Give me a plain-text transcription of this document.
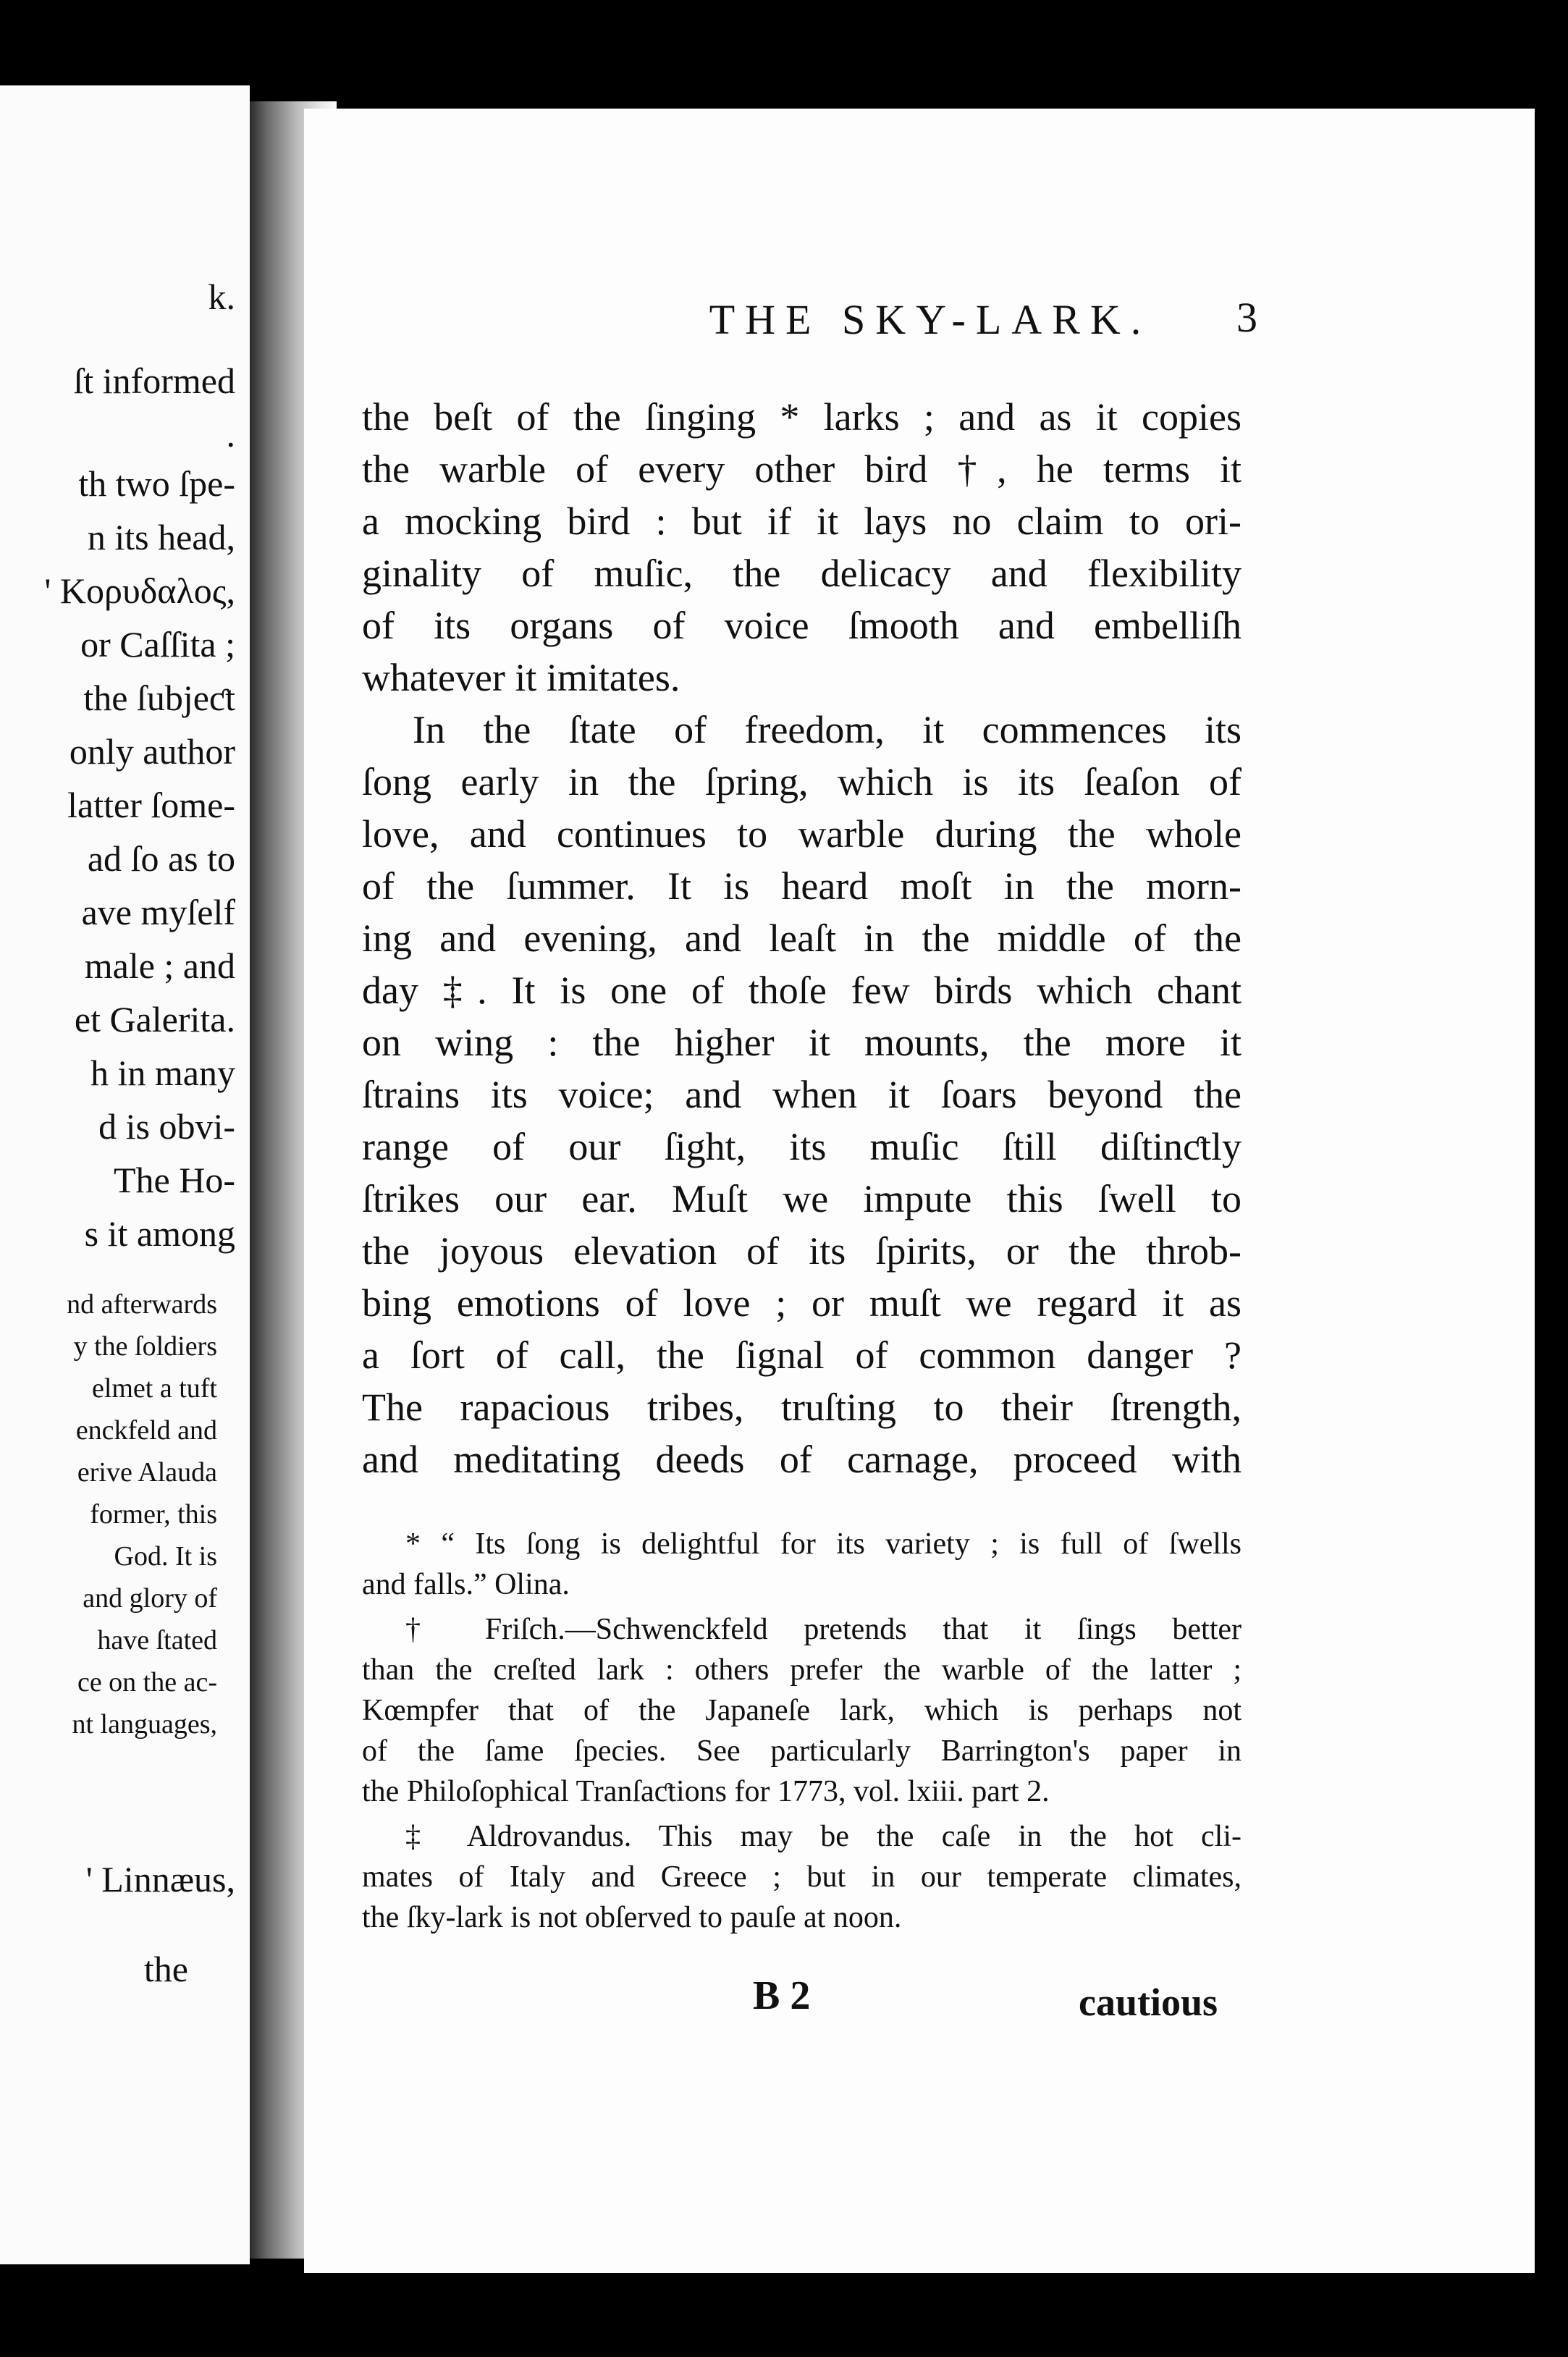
k.
ſt informed
.
th two ſpe-
n its head,
' Κορυδαλος,
or Caſſita ;
the ſubjeƈt
only author
latter ſome-
ad ſo as to
ave myſelf
male ; and
et Galerita.
h in many
d is obvi-
The Ho-
s it among
nd afterwards
y the ſoldiers
elmet a tuft
enckfeld and
erive Alauda
former, this
God. It is
and glory of
have ſtated
ce on the ac-
nt languages,
' Linnæus,
the
THE SKY-LARK.	3
the beſt of the ſinging * larks ; and as it copies
the warble of every other bird †, he terms it
a mocking bird : but if it lays no claim to ori-
ginality of muſic, the delicacy and flexibility
of its organs of voice ſmooth and embelliſh
whatever it imitates.
In the ſtate of freedom, it commences its
ſong early in the ſpring, which is its ſeaſon of
love, and continues to warble during the whole
of the ſummer. It is heard moſt in the morn-
ing and evening, and leaſt in the middle of the
day ‡. It is one of thoſe few birds which chant
on wing : the higher it mounts, the more it
ſtrains its voice; and when it ſoars beyond the
range of our ſight, its muſic ſtill diſtinƈtly
ſtrikes our ear. Muſt we impute this ſwell to
the joyous elevation of its ſpirits, or the throb-
bing emotions of love ; or muſt we regard it as
a ſort of call, the ſignal of common danger ?
The rapacious tribes, truſting to their ſtrength,
and meditating deeds of carnage, proceed with
* “ Its ſong is delightful for its variety ; is full of ſwells
and falls.” Olina.
† Friſch.—Schwenckfeld pretends that it ſings better
than the creſted lark : others prefer the warble of the latter ;
Kœmpfer that of the Japaneſe lark, which is perhaps not
of the ſame ſpecies. See particularly Barrington's paper in
the Philoſophical Tranſaƈtions for 1773, vol. lxiii. part 2.
‡ Aldrovandus. This may be the caſe in the hot cli-
mates of Italy and Greece ; but in our temperate climates,
the ſky-lark is not obſerved to pauſe at noon.
B 2	cautious
